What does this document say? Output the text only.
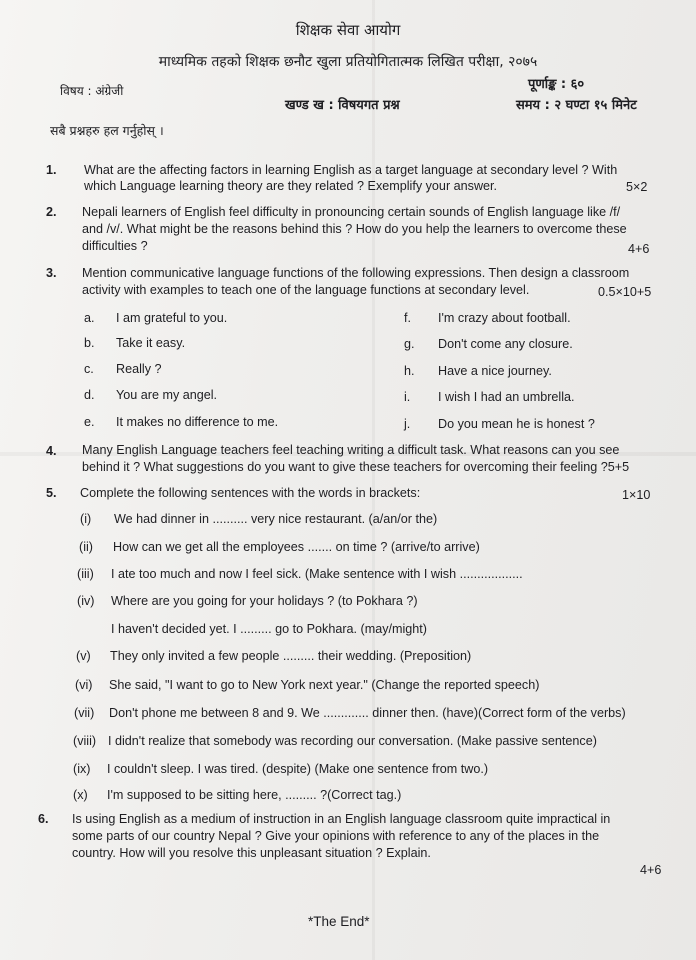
शिक्षक सेवा आयोग
माध्यमिक तहको शिक्षक छनौट खुला प्रतियोगितात्मक लिखित परीक्षा, २०७५
विषय : अंग्रेजी	पूर्णाङ्क : ६०
खण्ड ख : विषयगत प्रश्न	समय : २ घण्टा १५ मिनेट
सबै प्रश्नहरु हल गर्नुहोस् ।
1. What are the affecting factors in learning English as a target language at secondary level ? With
which Language learning theory are they related ? Exemplify your answer.	5×2
2. Nepali learners of English feel difficulty in pronouncing certain sounds of English language like /f/
and /v/. What might be the reasons behind this ? How do you help the learners to overcome these
difficulties ?	4+6
3. Mention communicative language functions of the following expressions. Then design a classroom
activity with examples to teach one of the language functions at secondary level.	0.5×10+5
a. I am grateful to you.
b. Take it easy.
c. Really ?
d. You are my angel.
e. It makes no difference to me.
f. I'm crazy about football.
g. Don't come any closure.
h. Have a nice journey.
i. I wish I had an umbrella.
j. Do you mean he is honest ?
4. Many English Language teachers feel teaching writing a difficult task. What reasons can you see
behind it ? What suggestions do you want to give these teachers for overcoming their feeling ?5+5
5. Complete the following sentences with the words in brackets:	1×10
(i) We had dinner in .......... very nice restaurant. (a/an/or the)
(ii) How can we get all the employees ....... on time ? (arrive/to arrive)
(iii) I ate too much and now I feel sick. (Make sentence with I wish ..................
(iv) Where are you going for your holidays ? (to Pokhara ?)
I haven't decided yet. I ......... go to Pokhara. (may/might)
(v) They only invited a few people ......... their wedding. (Preposition)
(vi) She said, "I want to go to New York next year." (Change the reported speech)
(vii) Don't phone me between 8 and 9. We ............. dinner then. (have)(Correct form of the verbs)
(viii) I didn't realize that somebody was recording our conversation. (Make passive sentence)
(ix) I couldn't sleep. I was tired. (despite) (Make one sentence from two.)
(x) I'm supposed to be sitting here, ......... ?(Correct tag.)
6. Is using English as a medium of instruction in an English language classroom quite impractical in
some parts of our country Nepal ? Give your opinions with reference to any of the places in the
country. How will you resolve this unpleasant situation ? Explain.
4+6
*The End*
